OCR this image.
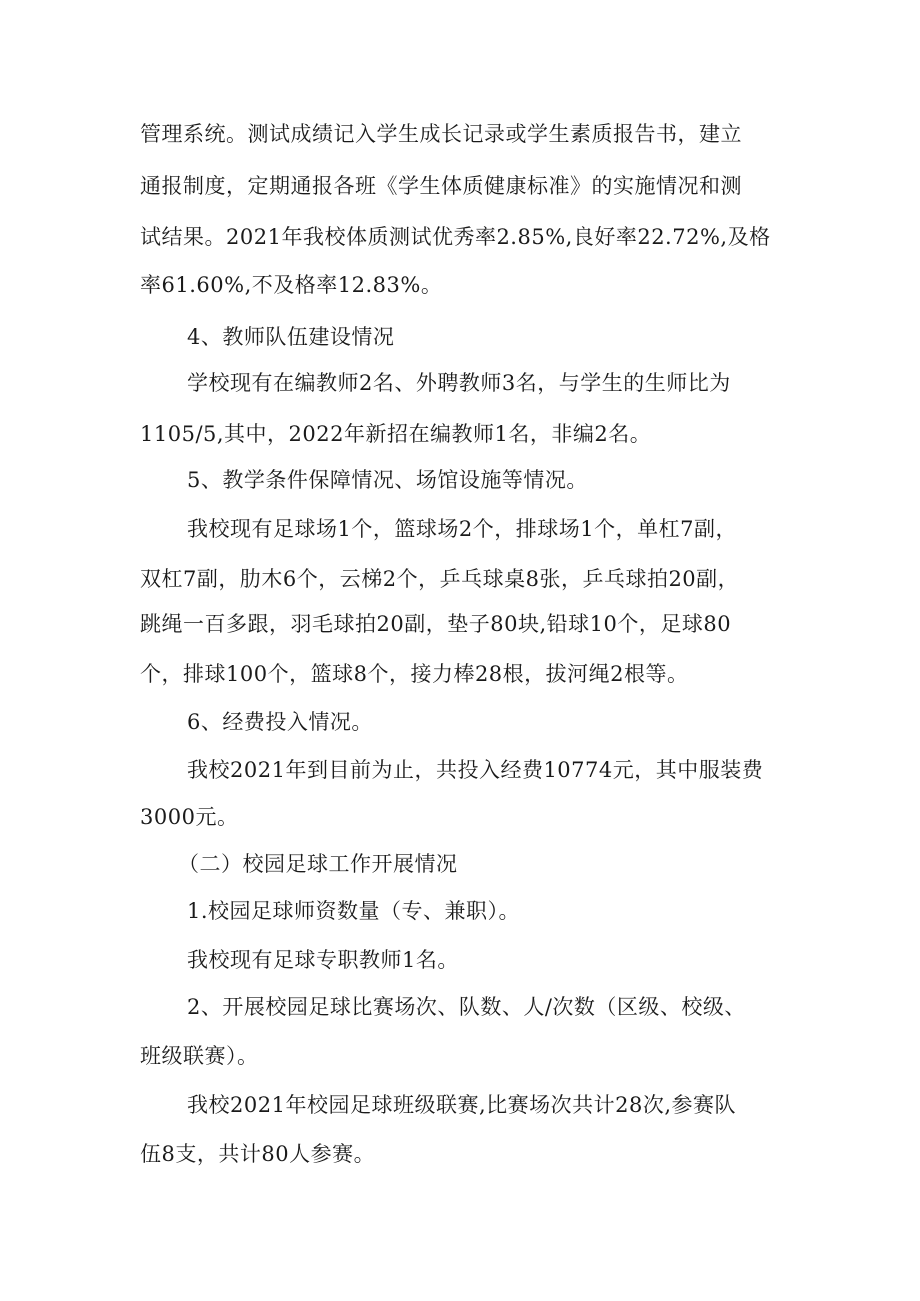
管理系统。测试成绩记入学生成长记录或学生素质报告书，建立
通报制度，定期通报各班《学生体质健康标准》的实施情况和测
试结果。2021年我校体质测试优秀率2.85%,良好率22.72%,及格
率61.60%,不及格率12.83%。
4、教师队伍建设情况
学校现有在编教师2名、外聘教师3名，与学生的生师比为
1105/5,其中，2022年新招在编教师1名，非编2名。
5、教学条件保障情况、场馆设施等情况。
我校现有足球场1个，篮球场2个，排球场1个，单杠7副，
双杠7副，肋木6个，云梯2个，乒乓球桌8张，乒乓球拍20副，
跳绳一百多跟，羽毛球拍20副，垫子80块,铅球10个，足球80
个，排球100个，篮球8个，接力棒28根，拔河绳2根等。
6、经费投入情况。
我校2021年到目前为止，共投入经费10774元，其中服装费
3000元。
（二）校园足球工作开展情况
1.校园足球师资数量（专、兼职）。
我校现有足球专职教师1名。
2、开展校园足球比赛场次、队数、人/次数（区级、校级、
班级联赛）。
我校2021年校园足球班级联赛,比赛场次共计28次,参赛队
伍8支，共计80人参赛。
